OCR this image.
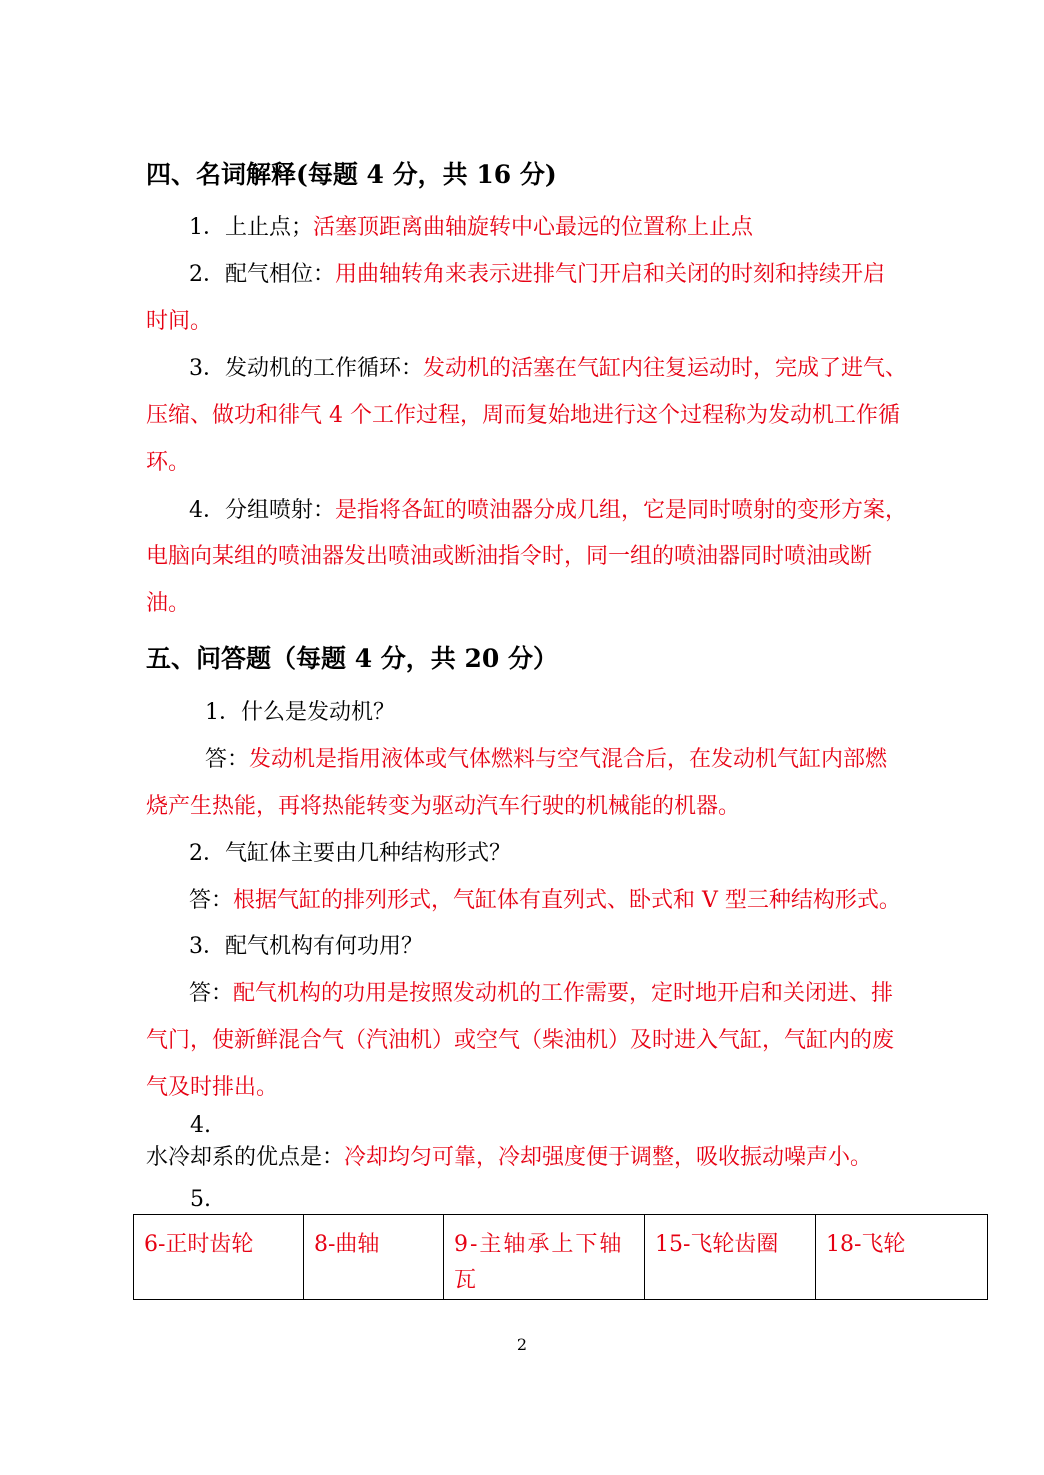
四、名词解释(每题 4 分，共 16 分)
1．上止点；活塞顶距离曲轴旋转中心最远的位置称上止点
2．配气相位：用曲轴转角来表示进排气门开启和关闭的时刻和持续开启
时间。
3．发动机的工作循环：发动机的活塞在气缸内往复运动时，完成了进气、
压缩、做功和徘气 4 个工作过程，周而复始地进行这个过程称为发动机工作循
环。
4．分组喷射：是指将各缸的喷油器分成几组，它是同时喷射的变形方案，
电脑向某组的喷油器发出喷油或断油指令时，同一组的喷油器同时喷油或断
油。
五、问答题（每题 4 分，共 20 分）
1．什么是发动机？
答：发动机是指用液体或气体燃料与空气混合后，在发动机气缸内部燃
烧产生热能，再将热能转变为驱动汽车行驶的机械能的机器。
2．气缸体主要由几种结构形式？
答：根据气缸的排列形式，气缸体有直列式、卧式和 V 型三种结构形式。
3．配气机构有何功用？
答：配气机构的功用是按照发动机的工作需要，定时地开启和关闭进、排
气门，使新鲜混合气（汽油机）或空气（柴油机）及时进入气缸，气缸内的废
气及时排出。
4.
水冷却系的优点是：冷却均匀可靠，冷却强度便于调整，吸收振动噪声小。
5.
6-正时齿轮	8-曲轴	9-主轴承上下轴瓦	15-飞轮齿圈	18-飞轮
2
